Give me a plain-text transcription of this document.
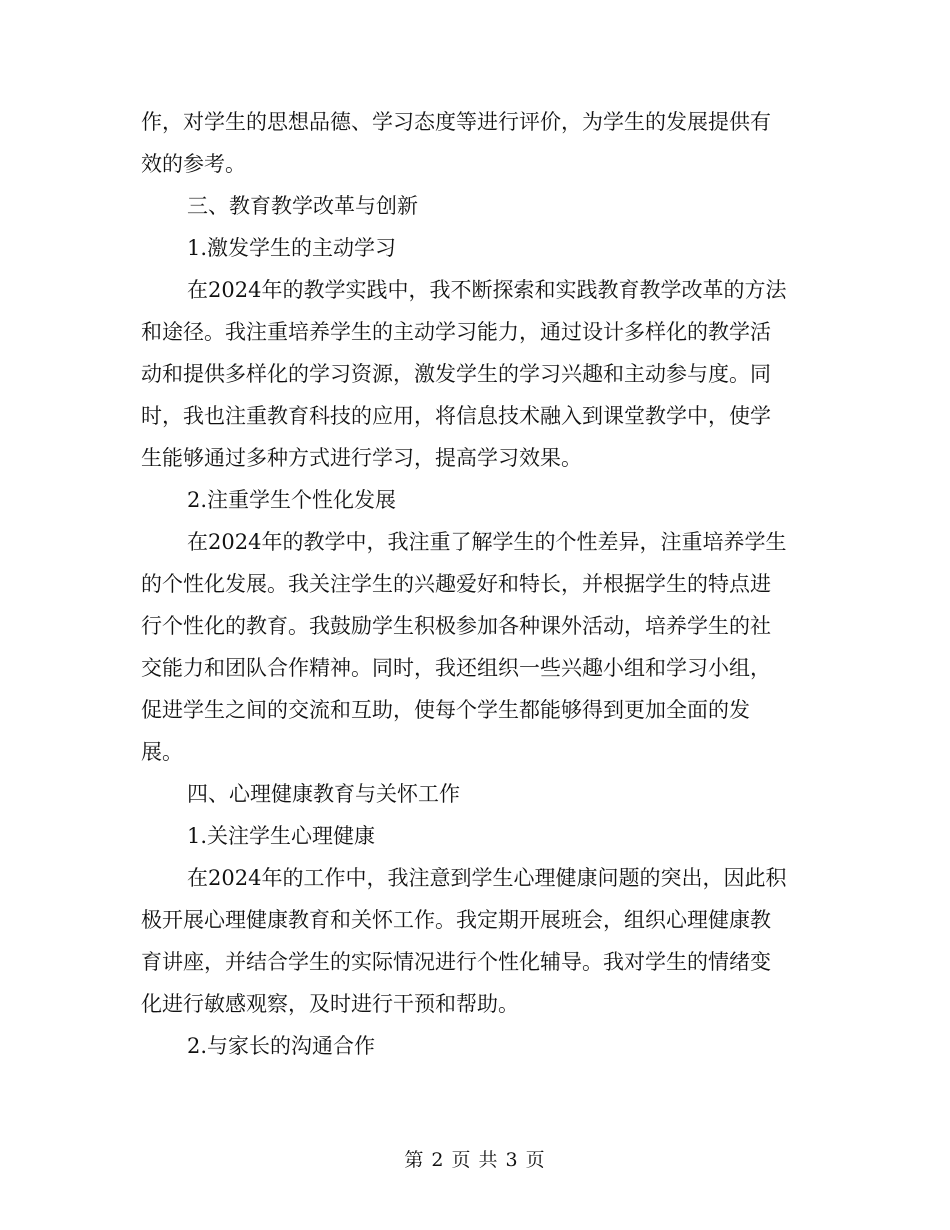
作，对学生的思想品德、学习态度等进行评价，为学生的发展提供有
效的参考。
三、教育教学改革与创新
1.激发学生的主动学习
在2024年的教学实践中，我不断探索和实践教育教学改革的方法
和途径。我注重培养学生的主动学习能力，通过设计多样化的教学活
动和提供多样化的学习资源，激发学生的学习兴趣和主动参与度。同
时，我也注重教育科技的应用，将信息技术融入到课堂教学中，使学
生能够通过多种方式进行学习，提高学习效果。
2.注重学生个性化发展
在2024年的教学中，我注重了解学生的个性差异，注重培养学生
的个性化发展。我关注学生的兴趣爱好和特长，并根据学生的特点进
行个性化的教育。我鼓励学生积极参加各种课外活动，培养学生的社
交能力和团队合作精神。同时，我还组织一些兴趣小组和学习小组，
促进学生之间的交流和互助，使每个学生都能够得到更加全面的发
展。
四、心理健康教育与关怀工作
1.关注学生心理健康
在2024年的工作中，我注意到学生心理健康问题的突出，因此积
极开展心理健康教育和关怀工作。我定期开展班会，组织心理健康教
育讲座，并结合学生的实际情况进行个性化辅导。我对学生的情绪变
化进行敏感观察，及时进行干预和帮助。
2.与家长的沟通合作
第 2 页 共 3 页
